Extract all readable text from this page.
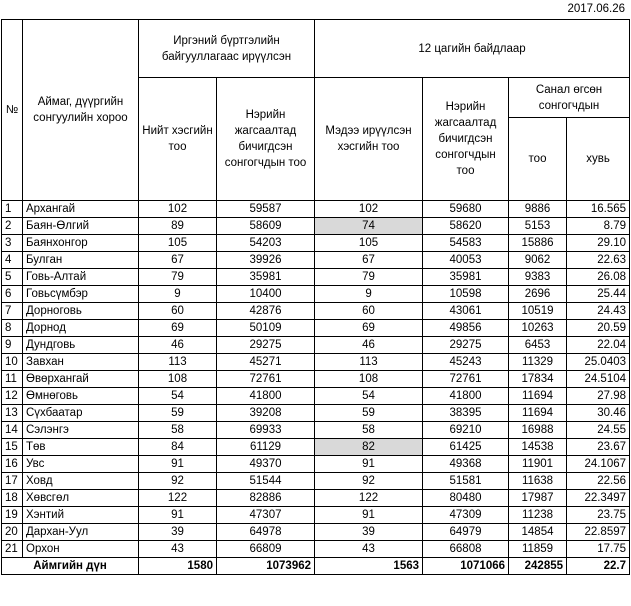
2017.06.26
№	Аймаг, дүүргийн сонгуулийн хороо	Иргэний бүртгэлийн байгууллагаас ирүүлсэн		12 цагийн байдлаар			
		Нийт хэсгийн тоо	Нэрийн жагсаалтад бичигдсэн сонгогчдын тоо	Мэдээ ирүүлсэн хэсгийн тоо	Нэрийн жагсаалтад бичигдсэн сонгогчдын тоо	Санал өгсөн сонгогчдын	
						тоо	хувь
1	Архангай	102	59587	102	59680	9886	16.565
2	Баян-Өлгий	89	58609	74	58620	5153	8.79
3	Баянхонгор	105	54203	105	54583	15886	29.10
4	Булган	67	39926	67	40053	9062	22.63
5	Говь-Алтай	79	35981	79	35981	9383	26.08
6	Говьсүмбэр	9	10400	9	10598	2696	25.44
7	Дорноговь	60	42876	60	43061	10519	24.43
8	Дорнод	69	50109	69	49856	10263	20.59
9	Дундговь	46	29275	46	29275	6453	22.04
10	Завхан	113	45271	113	45243	11329	25.0403
11	Өвөрхангай	108	72761	108	72761	17834	24.5104
12	Өмнөговь	54	41800	54	41800	11694	27.98
13	Сүхбаатар	59	39208	59	38395	11694	30.46
14	Сэлэнгэ	58	69933	58	69210	16988	24.55
15	Төв	84	61129	82	61425	14538	23.67
16	Увс	91	49370	91	49368	11901	24.1067
17	Ховд	92	51544	92	51581	11638	22.56
18	Хөвсгөл	122	82886	122	80480	17987	22.3497
19	Хэнтий	91	47307	91	47309	11238	23.75
20	Дархан-Уул	39	64978	39	64979	14854	22.8597
21	Орхон	43	66809	43	66808	11859	17.75
Аймгийн дүн		1580	1073962	1563	1071066	242855	22.7
